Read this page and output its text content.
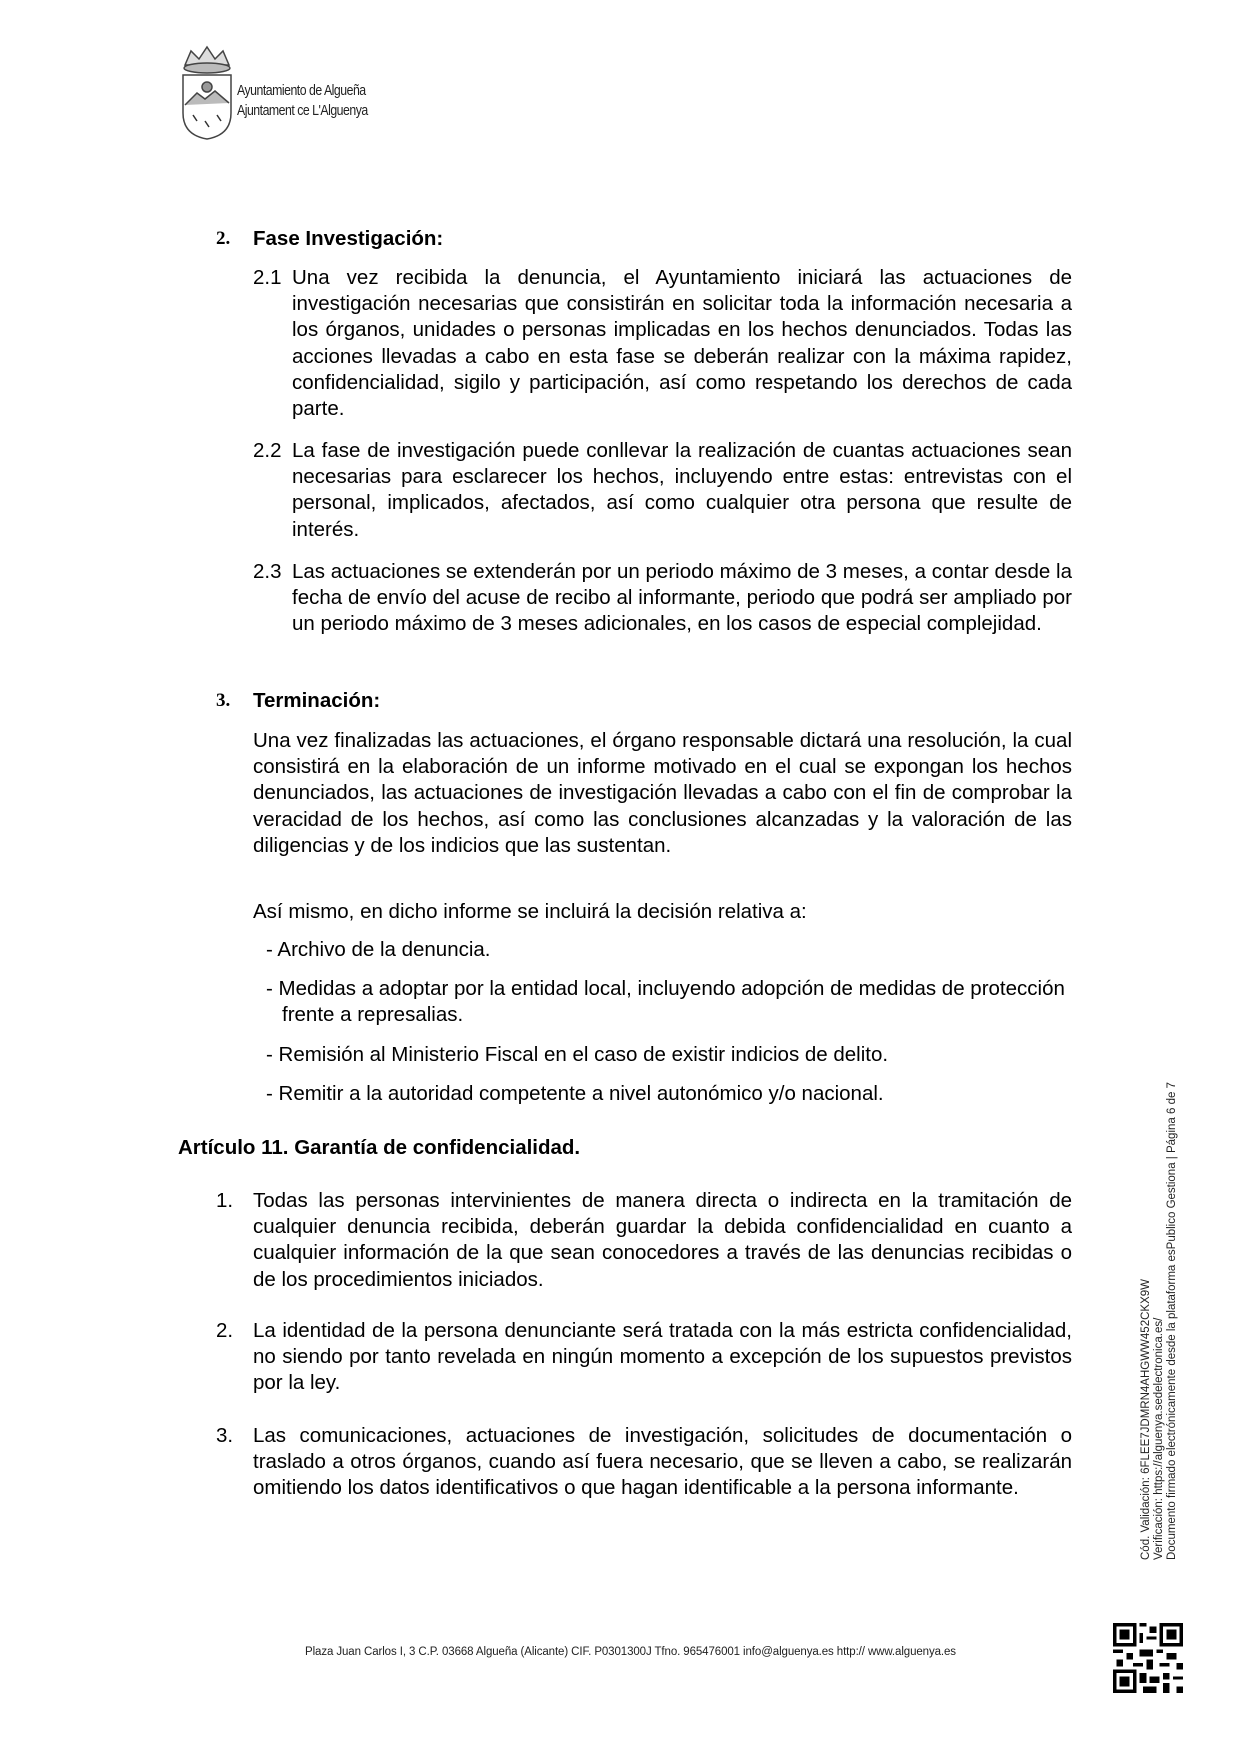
Ayuntamiento de Algueña
Ajuntament ce L'Alguenya
2. Fase Investigación:
2.1 Una vez recibida la denuncia, el Ayuntamiento iniciará las actuaciones de investigación necesarias que consistirán en solicitar toda la información necesaria a los órganos, unidades o personas implicadas en los hechos denunciados. Todas las acciones llevadas a cabo en esta fase se deberán realizar con la máxima rapidez, confidencialidad, sigilo y participación, así como respetando los derechos de cada parte.
2.2 La fase de investigación puede conllevar la realización de cuantas actuaciones sean necesarias para esclarecer los hechos, incluyendo entre estas: entrevistas con el personal, implicados, afectados, así como cualquier otra persona que resulte de interés.
2.3 Las actuaciones se extenderán por un periodo máximo de 3 meses, a contar desde la fecha de envío del acuse de recibo al informante, periodo que podrá ser ampliado por un periodo máximo de 3 meses adicionales, en los casos de especial complejidad.
3. Terminación:
Una vez finalizadas las actuaciones, el órgano responsable dictará una resolución, la cual consistirá en la elaboración de un informe motivado en el cual se expongan los hechos denunciados, las actuaciones de investigación llevadas a cabo con el fin de comprobar la veracidad de los hechos, así como las conclusiones alcanzadas y la valoración de las diligencias y de los indicios que las sustentan.
Así mismo, en dicho informe se incluirá la decisión relativa a:
- Archivo de la denuncia.
- Medidas a adoptar por la entidad local, incluyendo adopción de medidas de protección frente a represalias.
- Remisión al Ministerio Fiscal en el caso de existir indicios de delito.
- Remitir a la autoridad competente a nivel autonómico y/o nacional.
Artículo 11. Garantía de confidencialidad.
1. Todas las personas intervinientes de manera directa o indirecta en la tramitación de cualquier denuncia recibida, deberán guardar la debida confidencialidad en cuanto a cualquier información de la que sean conocedores a través de las denuncias recibidas o de los procedimientos iniciados.
2. La identidad de la persona denunciante será tratada con la más estricta confidencialidad, no siendo por tanto revelada en ningún momento a excepción de los supuestos previstos por la ley.
3. Las comunicaciones, actuaciones de investigación, solicitudes de documentación o traslado a otros órganos, cuando así fuera necesario, que se lleven a cabo, se realizarán omitiendo los datos identificativos o que hagan identificable a la persona informante.
Plaza Juan Carlos I, 3 C.P. 03668 Algueña (Alicante) CIF. P0301300J Tfno. 965476001 info@alguenya.es http:// www.alguenya.es
Cód. Validación: 6FLEE7JDMRN4AHGWW452CKX9W Verificación: https://alguenya.sedelectronica.es/ Documento firmado electrónicamente desde la plataforma esPublico Gestiona | Página 6 de 7
